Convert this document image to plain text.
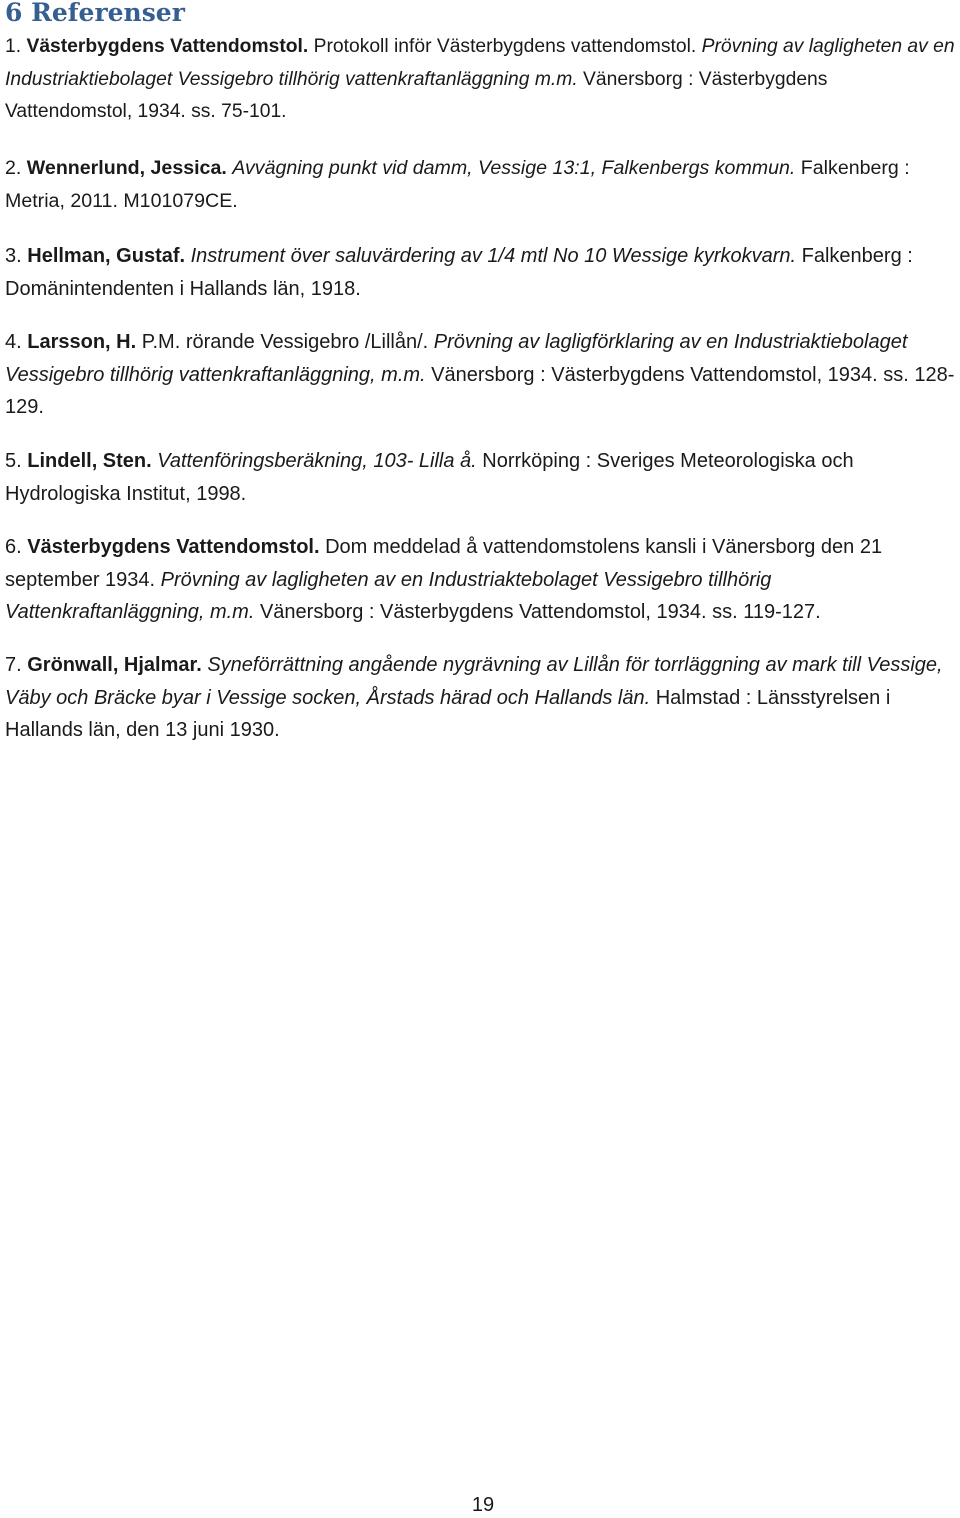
6 Referenser

1. Västerbygdens Vattendomstol. Protokoll inför Västerbygdens vattendomstol. Prövning av lagligheten av en Industriaktiebolaget Vessigebro tillhörig vattenkraftanläggning m.m. Vänersborg : Västerbygdens Vattendomstol, 1934. ss. 75-101.

2. Wennerlund, Jessica. Avvägning punkt vid damm, Vessige 13:1, Falkenbergs kommun. Falkenberg : Metria, 2011. M101079CE.

3. Hellman, Gustaf. Instrument över saluvärdering av 1/4 mtl No 10 Wessige kyrkokvarn. Falkenberg : Domänintendenten i Hallands län, 1918.

4. Larsson, H. P.M. rörande Vessigebro /Lillån/. Prövning av lagligförklaring av en Industriaktiebolaget Vessigebro tillhörig vattenkraftanläggning, m.m. Vänersborg : Västerbygdens Vattendomstol, 1934. ss. 128-129.

5. Lindell, Sten. Vattenföringsberäkning, 103- Lilla å. Norrköping : Sveriges Meteorologiska och Hydrologiska Institut, 1998.

6. Västerbygdens Vattendomstol. Dom meddelad å vattendomstolens kansli i Vänersborg den 21 september 1934. Prövning av lagligheten av en Industriaktebolaget Vessigebro tillhörig Vattenkraftanläggning, m.m. Vänersborg : Västerbygdens Vattendomstol, 1934. ss. 119-127.

7. Grönwall, Hjalmar. Syneförrättning angående nygrävning av Lillån för torrläggning av mark till Vessige, Väby och Bräcke byar i Vessige socken, Årstads härad och Hallands län. Halmstad : Länsstyrelsen i Hallands län, den 13 juni 1930.

19
